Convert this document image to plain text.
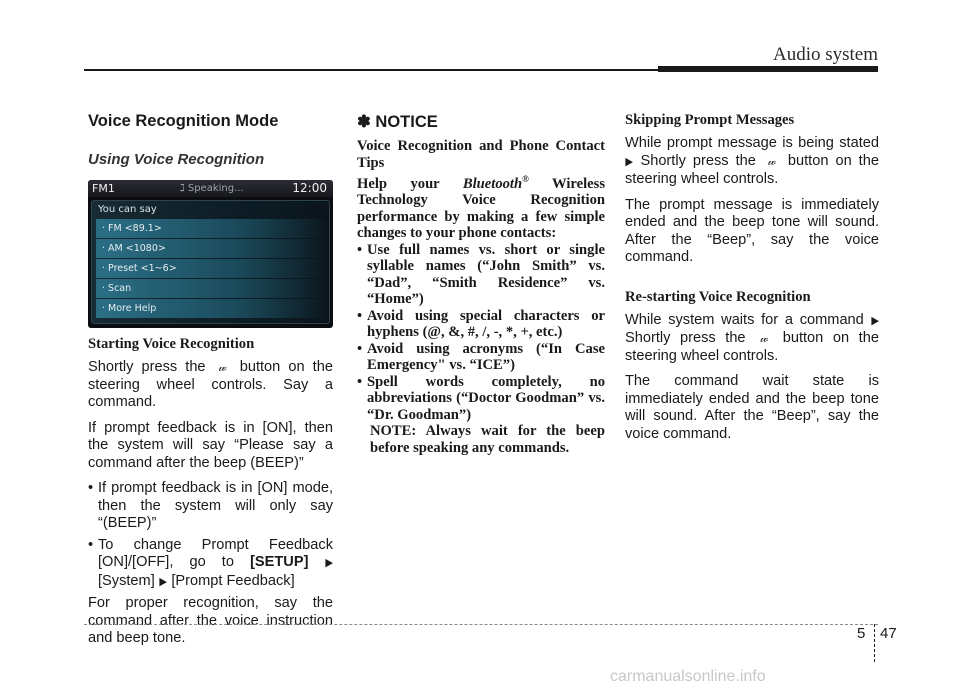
Audio system
Voice Recognition Mode
Using Voice Recognition
FM1	ℷ Speaking...	12:00
You can say
· FM <89.1>
· AM <1080>
· Preset <1~6>
· Scan
· More Help
Starting Voice Recognition

Shortly press the 𝓌 button on the steering wheel controls. Say a command.

If prompt feedback is in [ON], then the system will say “Please say a command after the beep (BEEP)”

• If prompt feedback is in [ON] mode, then the system will only say “(BEEP)”
• To change Prompt Feedback [ON]/[OFF], go to [SETUP] ▶ [System] ▶ [Prompt Feedback]

For proper recognition, say the command after the voice instruction and beep tone.

✽ NOTICE
Voice Recognition and Phone Contact Tips
Help your Bluetooth® Wireless Technology Voice Recognition performance by making a few simple changes to your phone contacts:
• Use full names vs. short or single syllable names (“John Smith” vs. “Dad”, “Smith Residence” vs. “Home”)
• Avoid using special characters or hyphens (@, &, #, /, -, *, +, etc.)
• Avoid using acronyms (“In Case Emergency" vs. “ICE”)
• Spell words completely, no abbreviations (“Doctor Goodman” vs. “Dr. Goodman”)
NOTE: Always wait for the beep before speaking any commands.
Skipping Prompt Messages

While prompt message is being stated ▶ Shortly press the 𝓌 button on the steering wheel controls.

The prompt message is immediately ended and the beep tone will sound. After the “Beep”, say the voice command.

Re-starting Voice Recognition

While system waits for a command ▶ Shortly press the 𝓌 button on the steering wheel controls.

The command wait state is immediately ended and the beep tone will sound. After the “Beep”, say the voice command.

5 47
carmanualsonline.info
